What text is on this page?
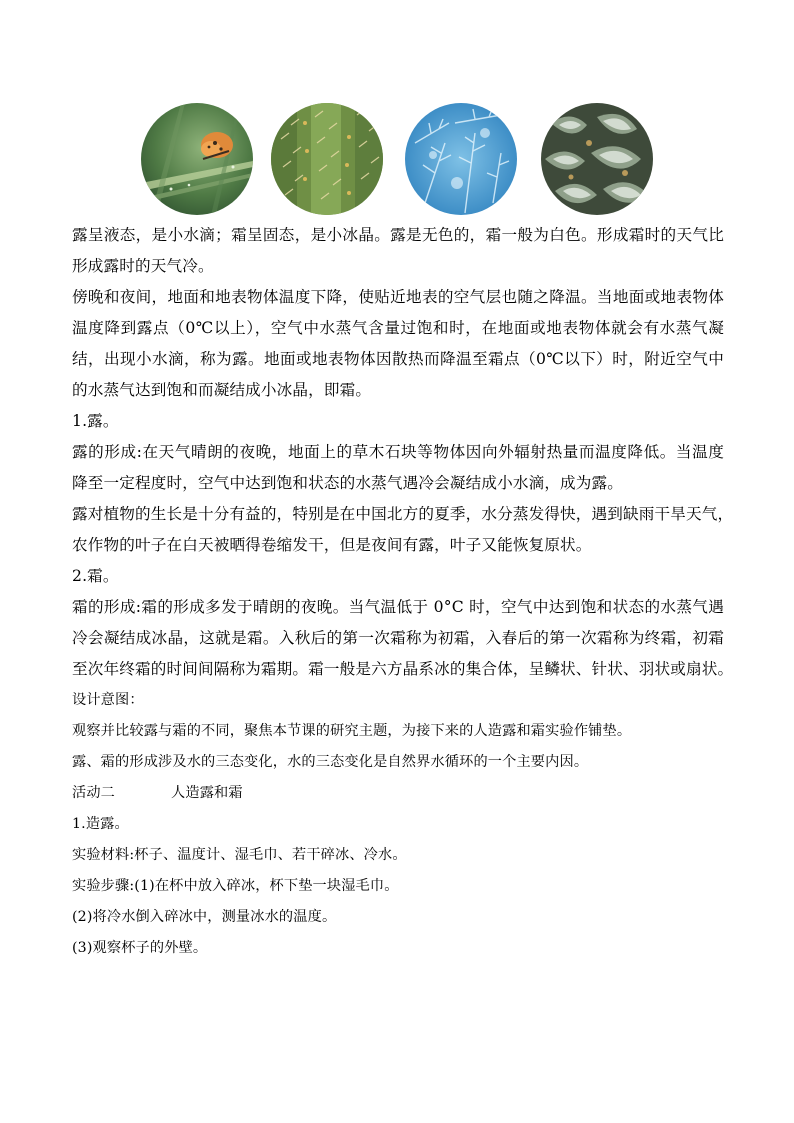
露呈液态，是小水滴；霜呈固态，是小冰晶。露是无色的，霜一般为白色。形成霜时的天气比
形成露时的天气冷。
傍晚和夜间，地面和地表物体温度下降，使贴近地表的空气层也随之降温。当地面或地表物体
温度降到露点（0℃以上），空气中水蒸气含量过饱和时，在地面或地表物体就会有水蒸气凝
结，出现小水滴，称为露。地面或地表物体因散热而降温至霜点（0℃以下）时，附近空气中
的水蒸气达到饱和而凝结成小冰晶，即霜。
1.露。
露的形成:在天气晴朗的夜晚，地面上的草木石块等物体因向外辐射热量而温度降低。当温度
降至一定程度时，空气中达到饱和状态的水蒸气遇冷会凝结成小水滴，成为露。
露对植物的生长是十分有益的，特别是在中国北方的夏季，水分蒸发得快，遇到缺雨干旱天气，
农作物的叶子在白天被晒得卷缩发干，但是夜间有露，叶子又能恢复原状。
2.霜。
霜的形成:霜的形成多发于晴朗的夜晚。当气温低于 0°C 时，空气中达到饱和状态的水蒸气遇
冷会凝结成冰晶，这就是霜。入秋后的第一次霜称为初霜，入春后的第一次霜称为终霜，初霜
至次年终霜的时间间隔称为霜期。霜一般是六方晶系冰的集合体，呈鳞状、针状、羽状或扇状。
设计意图：
观察并比较露与霜的不同，聚焦本节课的研究主题，为接下来的人造露和霜实验作铺垫。
露、霜的形成涉及水的三态变化，水的三态变化是自然界水循环的一个主要内因。
活动二	人造露和霜
1.造露。
实验材料:杯子、温度计、湿毛巾、若干碎冰、冷水。
实验步骤:(1)在杯中放入碎冰，杯下垫一块湿毛巾。
(2)将冷水倒入碎冰中，测量冰水的温度。
(3)观察杯子的外壁。
